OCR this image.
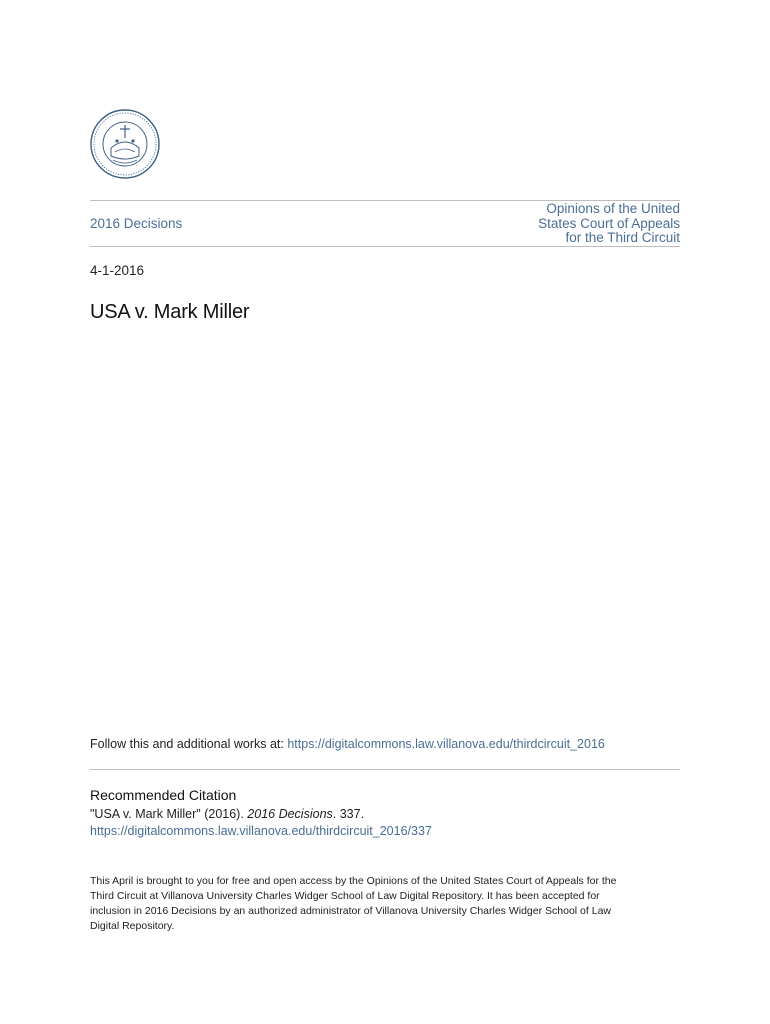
2016 Decisions
Opinions of the United
States Court of Appeals
for the Third Circuit
4-1-2016
USA v. Mark Miller
Follow this and additional works at: https://digitalcommons.law.villanova.edu/thirdcircuit_2016
Recommended Citation
"USA v. Mark Miller" (2016). 2016 Decisions. 337.
https://digitalcommons.law.villanova.edu/thirdcircuit_2016/337
This April is brought to you for free and open access by the Opinions of the United States Court of Appeals for the
Third Circuit at Villanova University Charles Widger School of Law Digital Repository. It has been accepted for
inclusion in 2016 Decisions by an authorized administrator of Villanova University Charles Widger School of Law
Digital Repository.
